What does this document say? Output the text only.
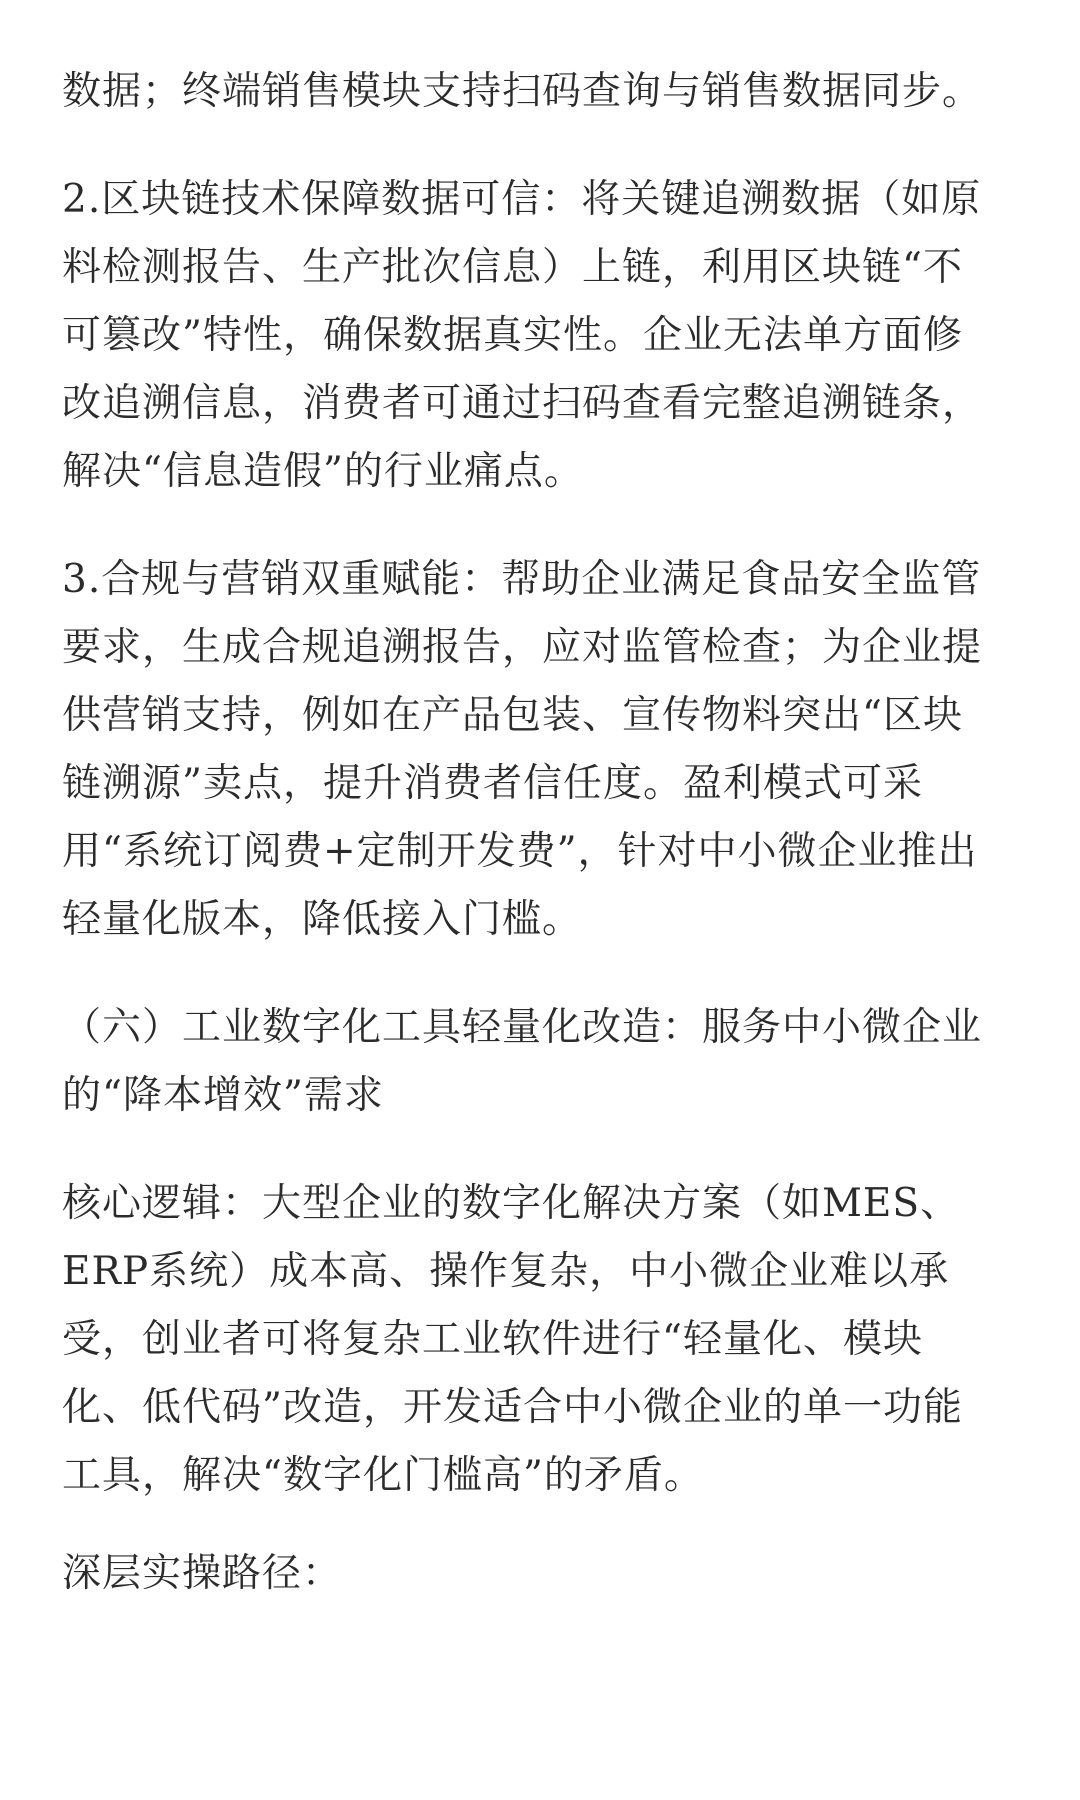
数据；终端销售模块支持扫码查询与销售数据同步。

2.区块链技术保障数据可信：将关键追溯数据（如原
料检测报告、生产批次信息）上链，利用区块链“不
可篡改”特性，确保数据真实性。企业无法单方面修
改追溯信息，消费者可通过扫码查看完整追溯链条，
解决“信息造假”的行业痛点。

3.合规与营销双重赋能：帮助企业满足食品安全监管
要求，生成合规追溯报告，应对监管检查；为企业提
供营销支持，例如在产品包装、宣传物料突出“区块
链溯源”卖点，提升消费者信任度。盈利模式可采
用“系统订阅费+定制开发费”，针对中小微企业推出
轻量化版本，降低接入门槛。

（六）工业数字化工具轻量化改造：服务中小微企业
的“降本增效”需求

核心逻辑：大型企业的数字化解决方案（如MES、
ERP系统）成本高、操作复杂，中小微企业难以承
受，创业者可将复杂工业软件进行“轻量化、模块
化、低代码”改造，开发适合中小微企业的单一功能
工具，解决“数字化门槛高”的矛盾。

深层实操路径：
